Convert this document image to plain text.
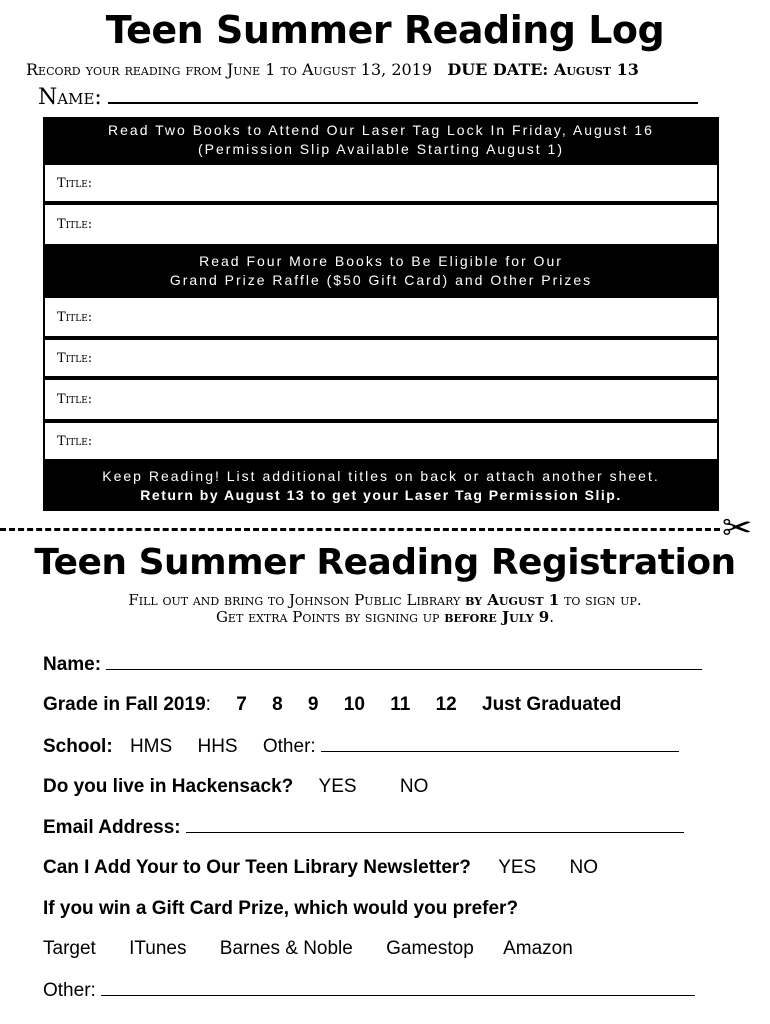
Teen Summer Reading Log
Record your reading from June 1 to August 13, 2019 DUE DATE: August 13
Name:
Read Two Books to Attend Our Laser Tag Lock In Friday, August 16
(Permission Slip Available Starting August 1)
Title:
Title:
Read Four More Books to Be Eligible for Our
Grand Prize Raffle ($50 Gift Card) and Other Prizes
Title:
Title:
Title:
Title:
Keep Reading! List additional titles on back or attach another sheet.
Return by August 13 to get your Laser Tag Permission Slip.
✂
Teen Summer Reading Registration
Fill out and bring to Johnson Public Library by August 1 to sign up.
Get extra Points by signing up before July 9.
Name:
Grade in Fall 2019: 7 8 9 10 11 12 Just Graduated
School: HMS HHS Other:
Do you live in Hackensack? YES NO
Email Address:
Can I Add Your to Our Teen Library Newsletter? YES NO
If you win a Gift Card Prize, which would you prefer?
Target ITunes Barnes & Noble Gamestop Amazon
Other:
